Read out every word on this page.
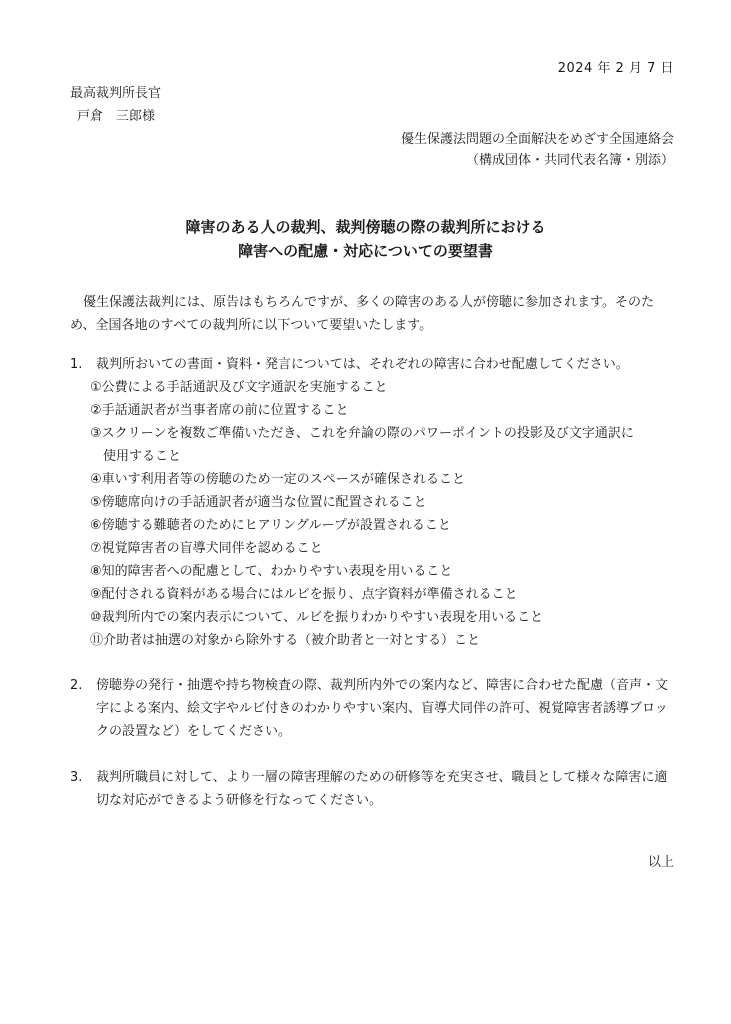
2024 年 2 月 7 日
最高裁判所長官
戸倉　三郎様
優生保護法問題の全面解決をめざす全国連絡会
（構成団体・共同代表名簿・別添）
障害のある人の裁判、裁判傍聴の際の裁判所における
障害への配慮・対応についての要望書
優生保護法裁判には、原告はもちろんですが、多くの障害のある人が傍聴に参加されます。そのため、全国各地のすべての裁判所に以下ついて要望いたします。
1. 裁判所おいての書面・資料・発言については、それぞれの障害に合わせ配慮してください。
①公費による手話通訳及び文字通訳を実施すること
②手話通訳者が当事者席の前に位置すること
③スクリーンを複数ご準備いただき、これを弁論の際のパワーポイントの投影及び文字通訳に
使用すること
④車いす利用者等の傍聴のため一定のスペースが確保されること
⑤傍聴席向けの手話通訳者が適当な位置に配置されること
⑥傍聴する難聴者のためにヒアリングループが設置されること
⑦視覚障害者の盲導犬同伴を認めること
⑧知的障害者への配慮として、わかりやすい表現を用いること
⑨配付される資料がある場合にはルビを振り、点字資料が準備されること
⑩裁判所内での案内表示について、ルビを振りわかりやすい表現を用いること
⑪介助者は抽選の対象から除外する（被介助者と一対とする）こと
2. 傍聴券の発行・抽選や持ち物検査の際、裁判所内外での案内など、障害に合わせた配慮（音声・文字による案内、絵文字やルビ付きのわかりやすい案内、盲導犬同伴の許可、視覚障害者誘導ブロックの設置など）をしてください。
3. 裁判所職員に対して、より一層の障害理解のための研修等を充実させ、職員として様々な障害に適切な対応ができるよう研修を行なってください。
以上
